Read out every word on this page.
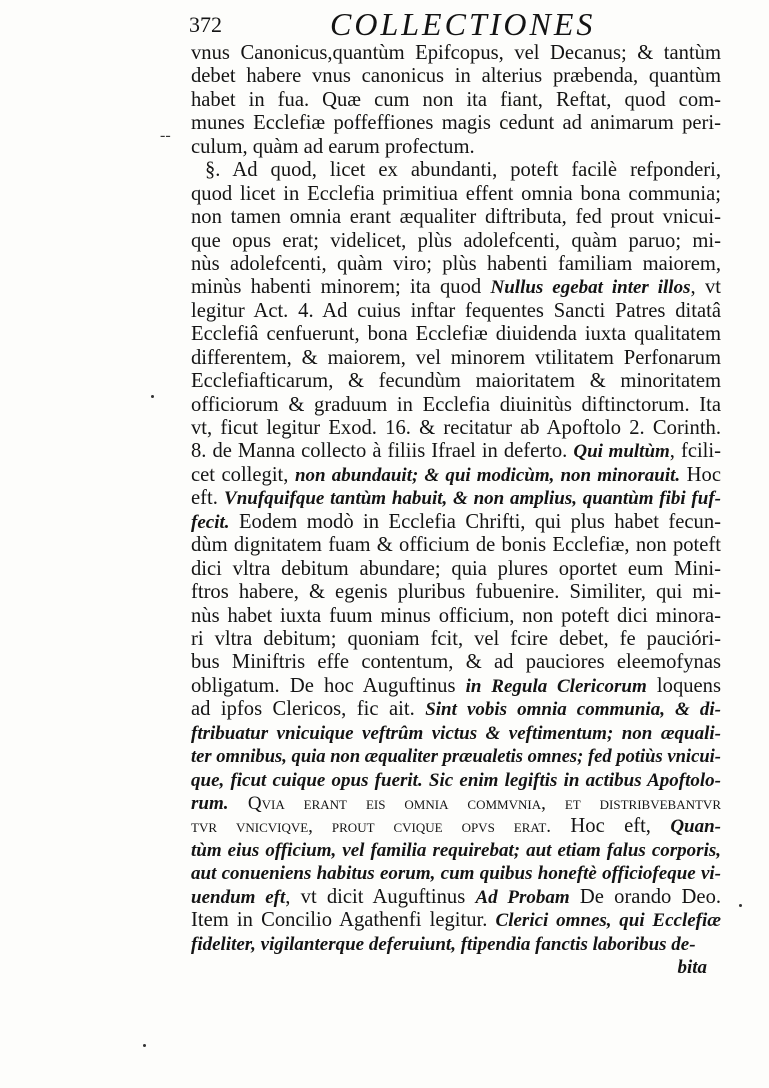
372	COLLECTIONES
--
vnus Canonicus,quantùm Epifcopus, vel Decanus; & tantùm
debet habere vnus canonicus in alterius præbenda, quantùm
habet in fua. Quæ cum non ita fiant, Reftat, quod com-
munes Ecclefiæ poffeffiones magis cedunt ad animarum peri-
culum, quàm ad earum profectum.
§. Ad quod, licet ex abundanti, poteft facilè refponderi,
quod licet in Ecclefia primitiua effent omnia bona communia;
non tamen omnia erant æqualiter diftributa, fed prout vnicui-
que opus erat; videlicet, plùs adolefcenti, quàm paruo; mi-
nùs adolefcenti, quàm viro; plùs habenti familiam maiorem,
minùs habenti minorem; ita quod Nullus egebat inter illos, vt
legitur Act. 4. Ad cuius inftar fequentes Sancti Patres ditatâ
Ecclefiâ cenfuerunt, bona Ecclefiæ diuidenda iuxta qualitatem
differentem, & maiorem, vel minorem vtilitatem Perfonarum
Ecclefiafticarum, & fecundùm maioritatem & minoritatem
officiorum & graduum in Ecclefia diuinitùs diftinctorum. Ita
vt, ficut legitur Exod. 16. & recitatur ab Apoftolo 2. Corinth.
8. de Manna collecto à filiis Ifrael in deferto. Qui multùm, fcili-
cet collegit, non abundauit; & qui modicùm, non minorauit. Hoc
eft. Vnufquifque tantùm habuit, & non amplius, quantùm fibi fuf-
fecit. Eodem modò in Ecclefia Chrifti, qui plus habet fecun-
dùm dignitatem fuam & officium de bonis Ecclefiæ, non poteft
dici vltra debitum abundare; quia plures oportet eum Mini-
ftros habere, & egenis pluribus fubuenire. Similiter, qui mi-
nùs habet iuxta fuum minus officium, non poteft dici minora-
ri vltra debitum; quoniam fcit, vel fcire debet, fe paucióri-
bus Miniftris effe contentum, & ad pauciores eleemofynas
obligatum. De hoc Auguftinus in Regula Clericorum loquens
ad ipfos Clericos, fic ait. Sint vobis omnia communia, & di-
ftribuatur vnicuique veftrûm victus & veftimentum; non æquali-
ter omnibus, quia non æqualiter præualetis omnes; fed potiùs vnicui-
que, ficut cuique opus fuerit. Sic enim legiftis in actibus Apoftolo-
rum. Qvia erant eis omnia commvnia, et distribvebantvr
tvr vnicviqve, prout cvique opvs erat. Hoc eft, Quan-
tùm eius officium, vel familia requirebat; aut etiam falus corporis,
aut conueniens habitus eorum, cum quibus honeftè officiofeque vi-
uendum eft, vt dicit Auguftinus Ad Probam De orando Deo.
Item in Concilio Agathenfi legitur. Clerici omnes, qui Ecclefiæ
fideliter, vigilanterque deferuiunt, ftipendia fanctis laboribus de-
bita
